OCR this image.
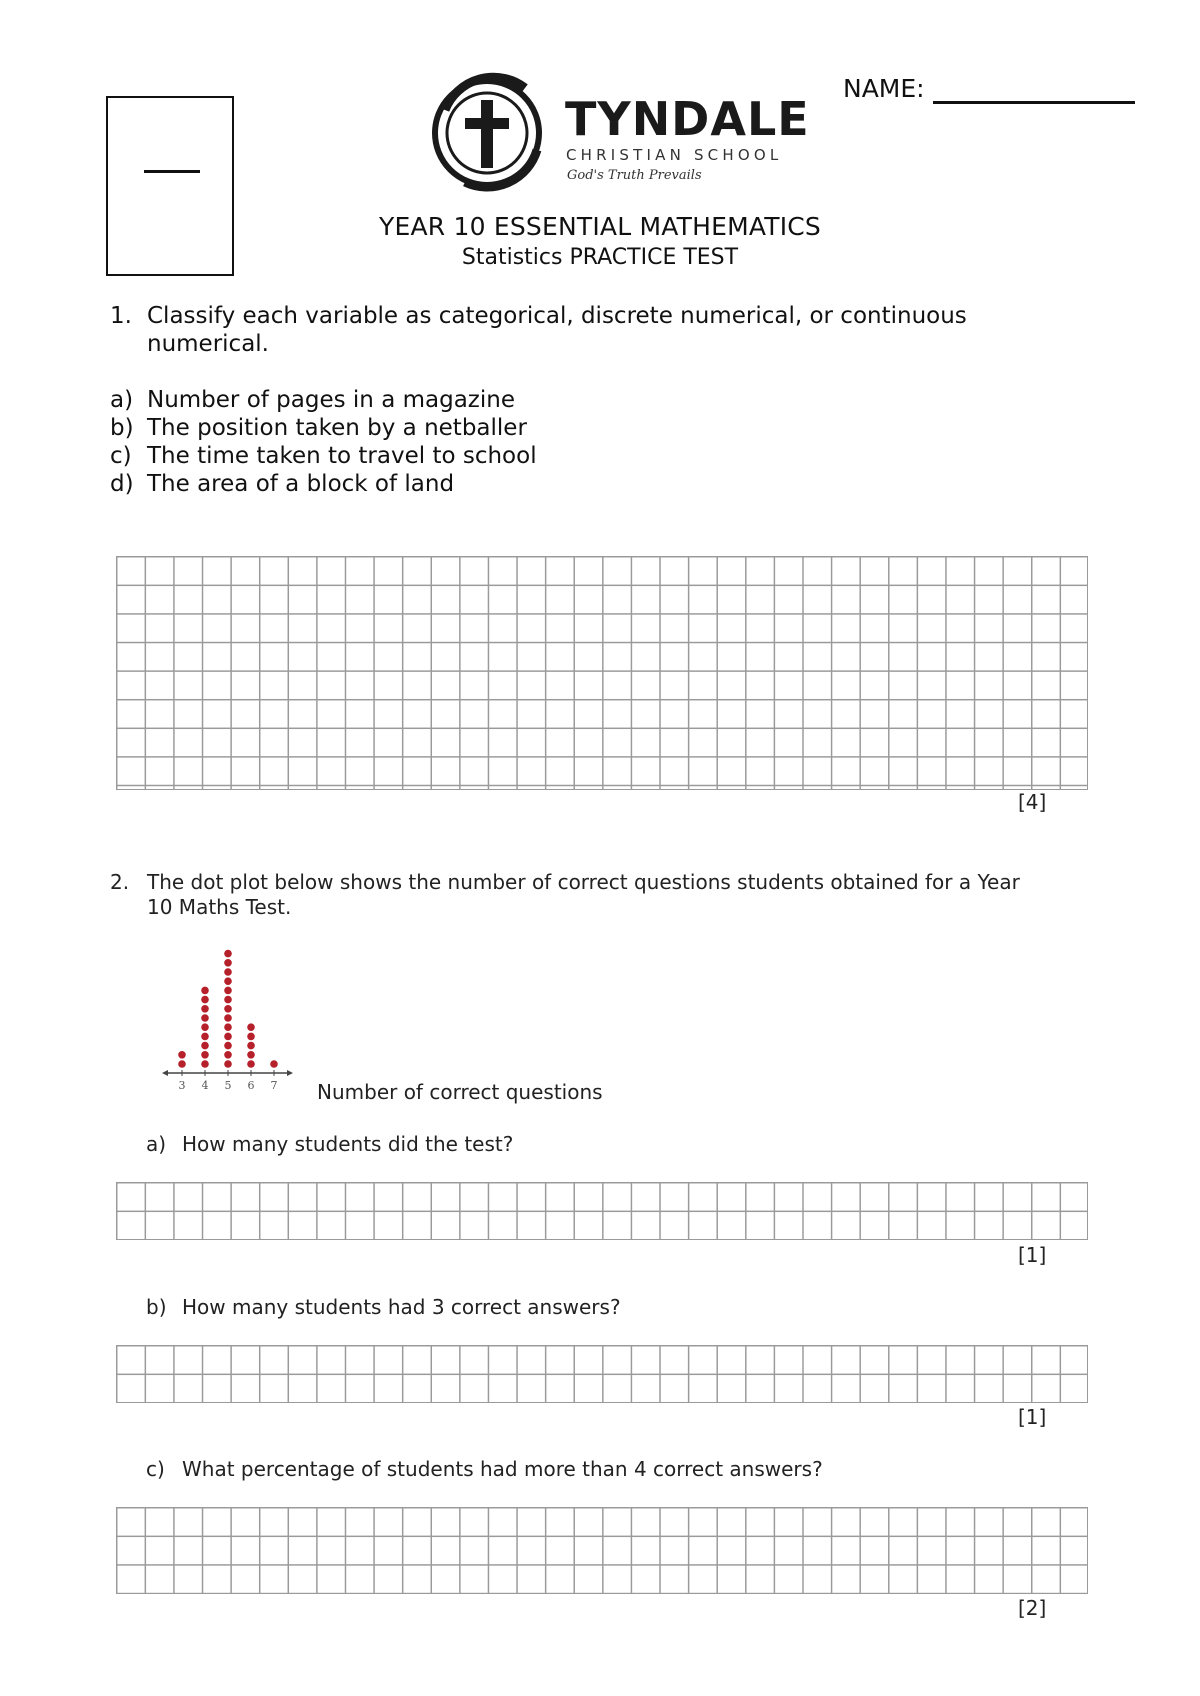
TYNDALE
CHRISTIAN SCHOOL
God's Truth Prevails
NAME:
YEAR 10 ESSENTIAL MATHEMATICS
Statistics PRACTICE TEST
1. Classify each variable as categorical, discrete numerical, or continuous
numerical.
a) Number of pages in a magazine
b) The position taken by a netballer
c) The time taken to travel to school
d) The area of a block of land
[4]
2. The dot plot below shows the number of correct questions students obtained for a Year
10 Maths Test.
3 4 5 6 7 Number of correct questions
a) How many students did the test?
[1]
b) How many students had 3 correct answers?
[1]
c) What percentage of students had more than 4 correct answers?
[2]
